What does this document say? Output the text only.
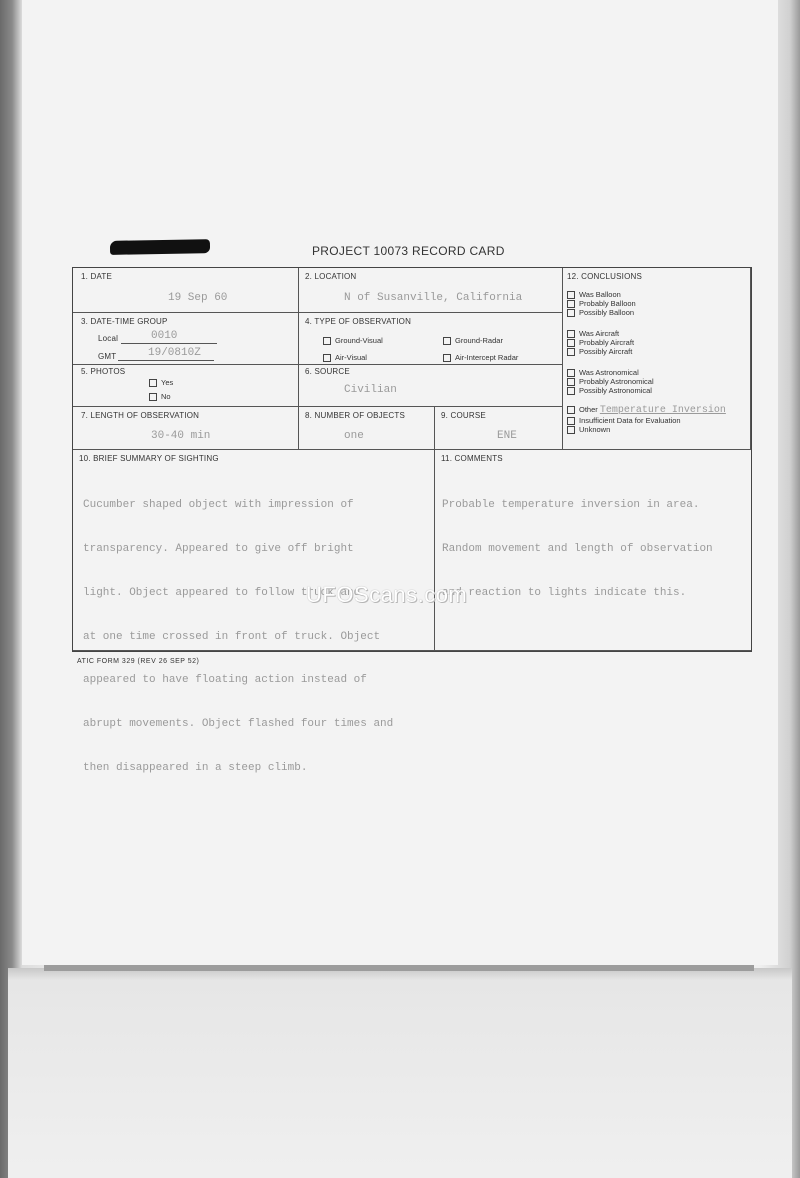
PROJECT 10073 RECORD CARD
1. DATE
19 Sep 60
2. LOCATION
N of Susanville, California
3. DATE-TIME GROUP
Local	0010
GMT	19/0810Z
4. TYPE OF OBSERVATION
Ground-Visual	Ground-Radar
Air-Visual	Air-Intercept Radar
5. PHOTOS
Yes
No
6. SOURCE
Civilian
7. LENGTH OF OBSERVATION
30-40 min
8. NUMBER OF OBJECTS
one
9. COURSE
ENE
12. CONCLUSIONS
Was Balloon
Probably Balloon
Possibly Balloon
Was Aircraft
Probably Aircraft
Possibly Aircraft
Was Astronomical
Probably Astronomical
Possibly Astronomical
Other Temperature Inversion
Insufficient Data for Evaluation
Unknown
10. BRIEF SUMMARY OF SIGHTING

Cucumber shaped object with impression of

transparency. Appeared to give off bright

light. Object appeared to follow truck and

at one time crossed in front of truck. Object

appeared to have floating action instead of

abrupt movements. Object flashed four times and

then disappeared in a steep climb.

11. COMMENTS

Probable temperature inversion in area.

Random movement and length of observation

and reaction to lights indicate this.

UFOScans.com
ATIC FORM 329 (REV 26 SEP 52)
